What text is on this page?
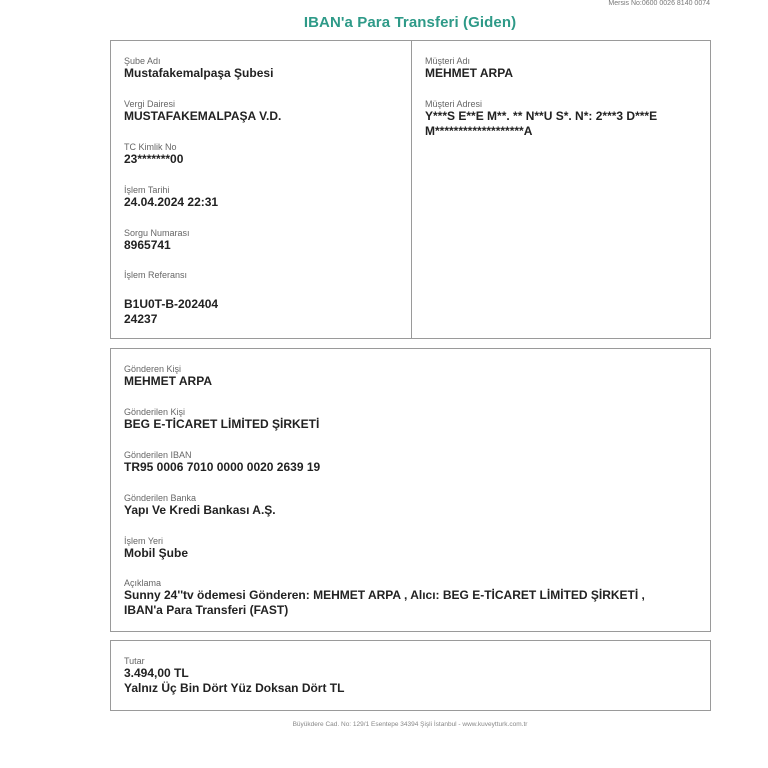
Mersis No:0600 0026 8140 0074
IBAN'a Para Transferi (Giden)
Şube Adı
Mustafakemalpaşa Şubesi
Vergi Dairesi
MUSTAFAKEMALPAŞA V.D.
TC Kimlik No
23*******00
İşlem Tarihi
24.04.2024 22:31
Sorgu Numarası
8965741
İşlem Referansı
B1U0T-B-202404
24237
Müşteri Adı
MEHMET ARPA
Müşteri Adresi
Y***S E**E M**. ** N**U S*. N*: 2***3 D***E
M*******************A
Gönderen Kişi
MEHMET ARPA
Gönderilen Kişi
BEG E-TİCARET LİMİTED ŞİRKETİ
Gönderilen IBAN
TR95 0006 7010 0000 0020 2639 19
Gönderilen Banka
Yapı Ve Kredi Bankası A.Ş.
İşlem Yeri
Mobil Şube
Açıklama
Sunny 24''tv ödemesi Gönderen: MEHMET ARPA , Alıcı: BEG E-TİCARET LİMİTED ŞİRKETİ ,
IBAN'a Para Transferi (FAST)
Tutar
3.494,00 TL
Yalnız Üç Bin Dört Yüz Doksan Dört TL
Büyükdere Cad. No: 129/1 Esentepe 34394 Şişli İstanbul - www.kuveytturk.com.tr
